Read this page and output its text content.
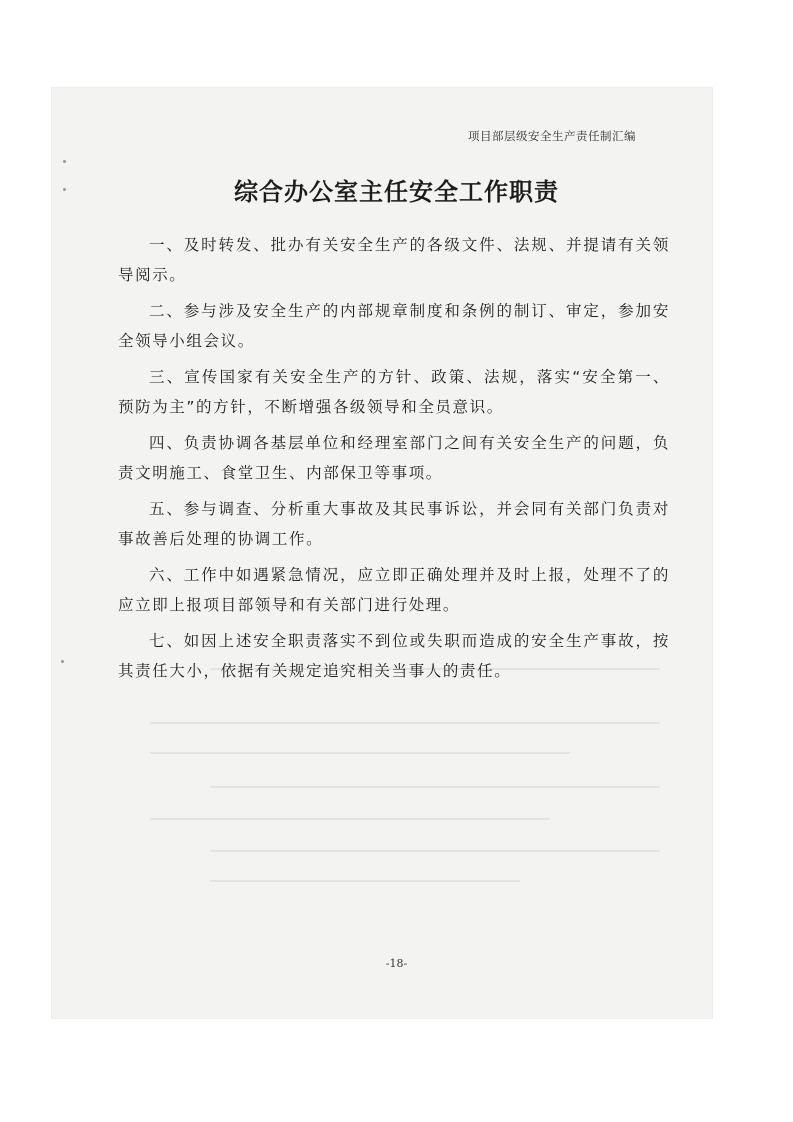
项目部层级安全生产责任制汇编
综合办公室主任安全工作职责

一、及时转发、批办有关安全生产的各级文件、法规、并提请有关领导阅示。

二、参与涉及安全生产的内部规章制度和条例的制订、审定，参加安全领导小组会议。

三、宣传国家有关安全生产的方针、政策、法规，落实“安全第一、预防为主”的方针，不断增强各级领导和全员意识。

四、负责协调各基层单位和经理室部门之间有关安全生产的问题，负责文明施工、食堂卫生、内部保卫等事项。

五、参与调查、分析重大事故及其民事诉讼，并会同有关部门负责对事故善后处理的协调工作。

六、工作中如遇紧急情况，应立即正确处理并及时上报，处理不了的应立即上报项目部领导和有关部门进行处理。

七、如因上述安全职责落实不到位或失职而造成的安全生产事故，按其责任大小，依据有关规定追究相关当事人的责任。

-18-
